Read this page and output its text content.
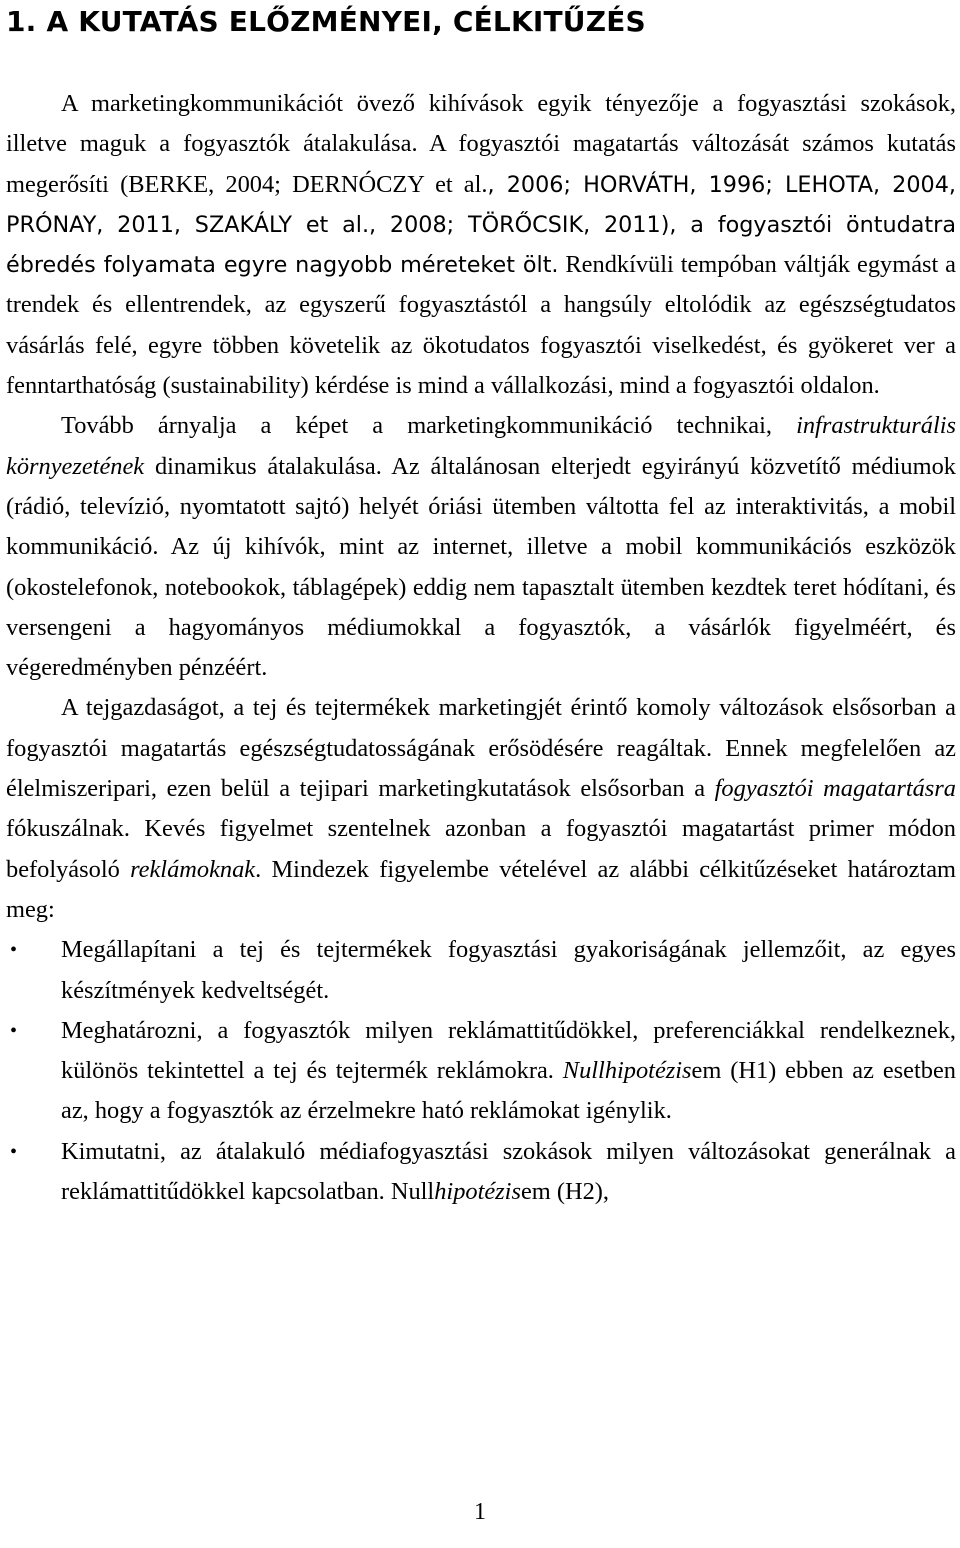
1. A KUTATÁS ELŐZMÉNYEI, CÉLKITŰZÉS

A marketingkommunikációt övező kihívások egyik tényezője a fogyasztási szokások, illetve maguk a fogyasztók átalakulása. A fogyasztói magatartás változását számos kutatás megerősíti (BERKE, 2004; DERNÓCZY et al., 2006; HORVÁTH, 1996; LEHOTA, 2004, PRÓNAY, 2011, SZAKÁLY et al., 2008; TÖRŐCSIK, 2011), a fogyasztói öntudatra ébredés folyamata egyre nagyobb méreteket ölt. Rendkívüli tempóban váltják egymást a trendek és ellentrendek, az egyszerű fogyasztástól a hangsúly eltolódik az egészségtudatos vásárlás felé, egyre többen követelik az ökotudatos fogyasztói viselkedést, és gyökeret ver a fenntarthatóság (sustainability) kérdése is mind a vállalkozási, mind a fogyasztói oldalon.

Tovább árnyalja a képet a marketingkommunikáció technikai, infrastrukturális környezetének dinamikus átalakulása. Az általánosan elterjedt egyirányú közvetítő médiumok (rádió, televízió, nyomtatott sajtó) helyét óriási ütemben váltotta fel az interaktivitás, a mobil kommunikáció. Az új kihívók, mint az internet, illetve a mobil kommunikációs eszközök (okostelefonok, notebookok, táblagépek) eddig nem tapasztalt ütemben kezdtek teret hódítani, és versengeni a hagyományos médiumokkal a fogyasztók, a vásárlók figyelméért, és végeredményben pénzéért.

A tejgazdaságot, a tej és tejtermékek marketingjét érintő komoly változások elsősorban a fogyasztói magatartás egészségtudatosságának erősödésére reagáltak. Ennek megfelelően az élelmiszeripari, ezen belül a tejipari marketingkutatások elsősorban a fogyasztói magatartásra fókuszálnak. Kevés figyelmet szentelnek azonban a fogyasztói magatartást primer módon befolyásoló reklámoknak. Mindezek figyelembe vételével az alábbi célkitűzéseket határoztam meg:

• Megállapítani a tej és tejtermékek fogyasztási gyakoriságának jellemzőit, az egyes készítmények kedveltségét.
• Meghatározni, a fogyasztók milyen reklámattitűdökkel, preferenciákkal rendelkeznek, különös tekintettel a tej és tejtermék reklámokra. Nullhipotézisem (H1) ebben az esetben az, hogy a fogyasztók az érzelmekre ható reklámokat igénylik.
• Kimutatni, az átalakuló médiafogyasztási szokások milyen változásokat generálnak a reklámattitűdökkel kapcsolatban. Nullhipotézisem (H2),
1
